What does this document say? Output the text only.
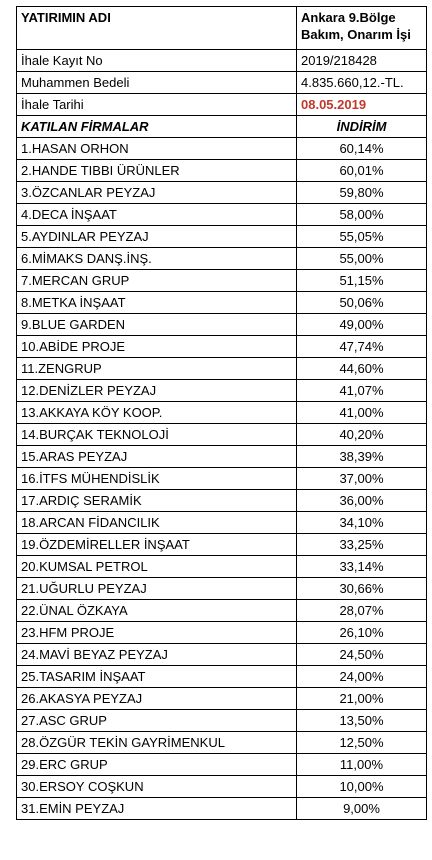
YATIRIMIN ADI	Ankara 9.Bölge
Bakım, Onarım İşi
İhale Kayıt No	2019/218428
Muhammen Bedeli	4.835.660,12.-TL.
İhale Tarihi	08.05.2019
KATILAN FİRMALAR	İNDİRİM
1.HASAN ORHON	60,14%
2.HANDE TIBBI ÜRÜNLER	60,01%
3.ÖZCANLAR PEYZAJ	59,80%
4.DECA İNŞAAT	58,00%
5.AYDINLAR PEYZAJ	55,05%
6.MİMAKS DANŞ.İNŞ.	55,00%
7.MERCAN GRUP	51,15%
8.METKA İNŞAAT	50,06%
9.BLUE GARDEN	49,00%
10.ABİDE PROJE	47,74%
11.ZENGRUP	44,60%
12.DENİZLER PEYZAJ	41,07%
13.AKKAYA KÖY KOOP.	41,00%
14.BURÇAK TEKNOLOJİ	40,20%
15.ARAS PEYZAJ	38,39%
16.İTFS MÜHENDİSLİK	37,00%
17.ARDIÇ SERAMİK	36,00%
18.ARCAN FİDANCILIK	34,10%
19.ÖZDEMİRELLER İNŞAAT	33,25%
20.KUMSAL PETROL	33,14%
21.UĞURLU PEYZAJ	30,66%
22.ÜNAL ÖZKAYA	28,07%
23.HFM PROJE	26,10%
24.MAVİ BEYAZ PEYZAJ	24,50%
25.TASARIM İNŞAAT	24,00%
26.AKASYA PEYZAJ	21,00%
27.ASC GRUP	13,50%
28.ÖZGÜR TEKİN GAYRİMENKUL	12,50%
29.ERC GRUP	11,00%
30.ERSOY COŞKUN	10,00%
31.EMİN PEYZAJ	9,00%
